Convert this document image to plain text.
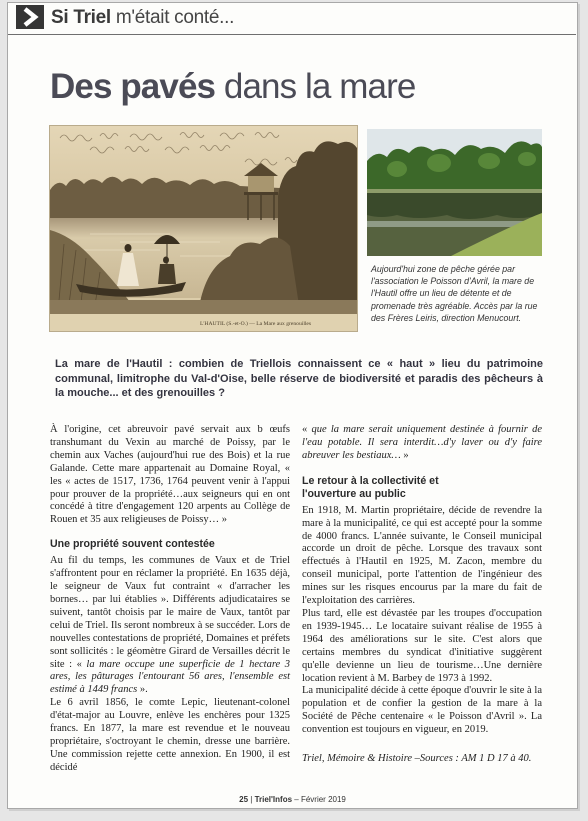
Si Triel m'était conté...
Des pavés dans la mare
L'HAUTIL (S.-et-O.) — La Mare aux grenouilles
Aujourd'hui zone de pêche gérée par l'association le Poisson d'Avril, la mare de l'Hautil offre un lieu de détente et de promenade très agréable. Accès par la rue des Frères Leiris, direction Menucourt.
La mare de l'Hautil : combien de Triellois connaissent ce « haut » lieu du patrimoine communal, limitrophe du Val-d'Oise, belle réserve de biodiversité et paradis des pêcheurs à la mouche... et des grenouilles ?

À l'origine, cet abreuvoir pavé servait aux b œufs transhumant du Vexin au marché de Poissy, par le chemin aux Vaches (aujourd'hui rue des Bois) et la rue Galande. Cette mare appartenait au Domaine Royal, « les « actes de 1517, 1736, 1764 peuvent venir à l'appui pour prouver de la propriété…aux seigneurs qui en ont concédé à titre d'engagement 120 arpents au Collège de Rouen et 35 aux religieuses de Poissy… »

Une propriété souvent contestée

Au fil du temps, les communes de Vaux et de Triel s'affrontent pour en réclamer la propriété. En 1635 déjà, le seigneur de Vaux fut contraint « d'arracher les bornes… par lui établies ». Différents adjudicataires se suivent, tantôt choisis par le maire de Vaux, tantôt par celui de Triel. Ils seront nombreux à se succéder. Lors de nouvelles contestations de propriété, Domaines et préfets sont sollicités : le géomètre Girard de Versailles décrit le site : « la mare occupe une superficie de 1 hectare 3 ares, les pâturages l'entourant 56 ares, l'ensemble est estimé à 1449 francs ».

Le 6 avril 1856, le comte Lepic, lieutenant-colonel d'état-major au Louvre, enlève les enchères pour 1325 francs. En 1877, la mare est revendue et le nouveau propriétaire, s'octroyant le chemin, dresse une barrière. Une commission rejette cette annexion. En 1900, il est décidé

« que la mare serait uniquement destinée à fournir de l'eau potable. Il sera interdit…d'y laver ou d'y faire abreuver les bestiaux… »

Le retour à la collectivité et l'ouverture au public

En 1918, M. Martin propriétaire, décide de revendre la mare à la municipalité, ce qui est accepté pour la somme de 4000 francs. L'année suivante, le Conseil municipal accorde un droit de pêche. Lorsque des travaux sont effectués à l'Hautil en 1925, M. Zacon, membre du conseil municipal, porte l'attention de l'ingénieur des mines sur les risques encourus par la mare du fait de l'exploitation des carrières.

Plus tard, elle est dévastée par les troupes d'occupation en 1939-1945… Le locataire suivant réalise de 1955 à 1964 des améliorations sur le site. C'est alors que certains membres du syndicat d'initiative suggèrent qu'elle devienne un lieu de tourisme…Une dernière location revient à M. Barbey de 1973 à 1992.

La municipalité décide à cette époque d'ouvrir le site à la population et de confier la gestion de la mare à la Société de Pêche centenaire « le Poisson d'Avril ». La convention est toujours en vigueur, en 2019.

Triel, Mémoire & Histoire –Sources : AM 1 D 17 à 40.

25 | Triel'Infos – Février 2019
